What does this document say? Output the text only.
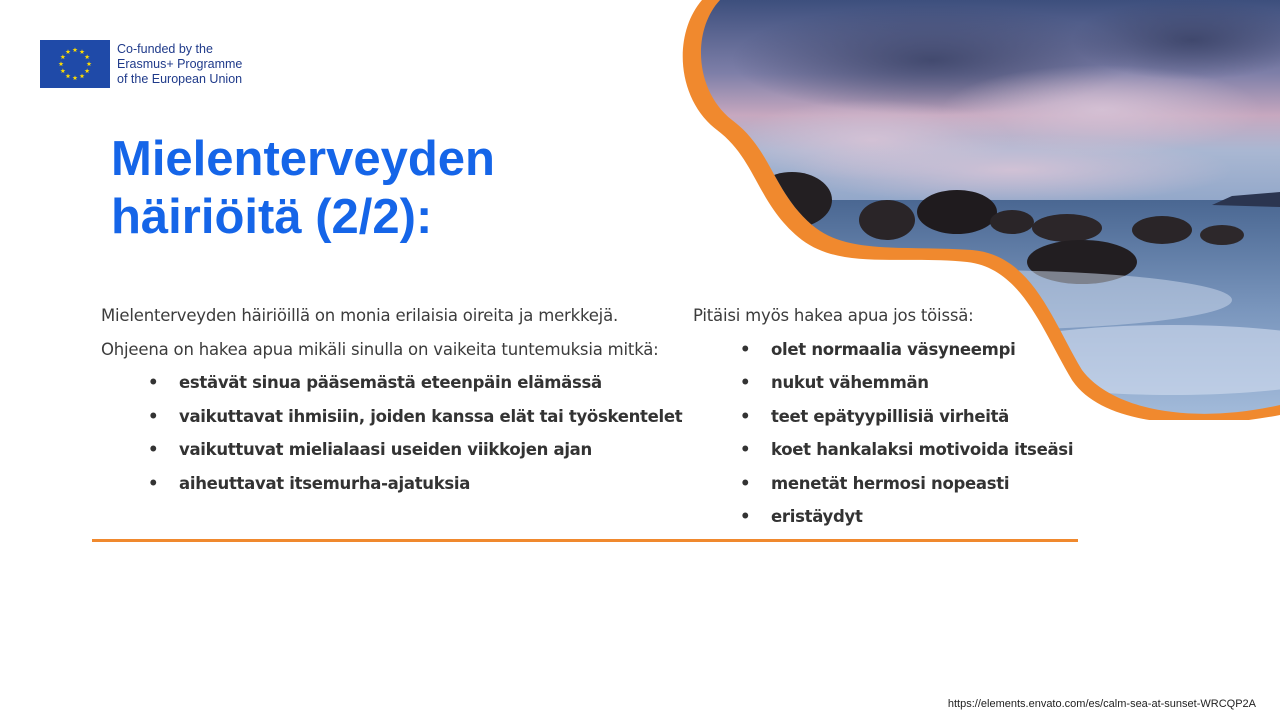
Co-funded by the
Erasmus+ Programme
of the European Union
Mielenterveyden
häiriöitä (2/2):

Mielenterveyden häiriöillä on monia erilaisia oireita ja merkkejä. Ohjeena on hakea apua mikäli sinulla on vaikeita tuntemuksia mitkä:

• estävät sinua pääsemästä eteenpäin elämässä
• vaikuttavat ihmisiin, joiden kanssa elät tai työskentelet
• vaikuttuvat mielialaasi useiden viikkojen ajan
• aiheuttavat itsemurha-ajatuksia

Pitäisi myös hakea apua jos töissä:

• olet normaalia väsyneempi
• nukut vähemmän
• teet epätyypillisiä virheitä
• koet hankalaksi motivoida itseäsi
• menetät hermosi nopeasti
• eristäydyt
https://elements.envato.com/es/calm-sea-at-sunset-WRCQP2A
